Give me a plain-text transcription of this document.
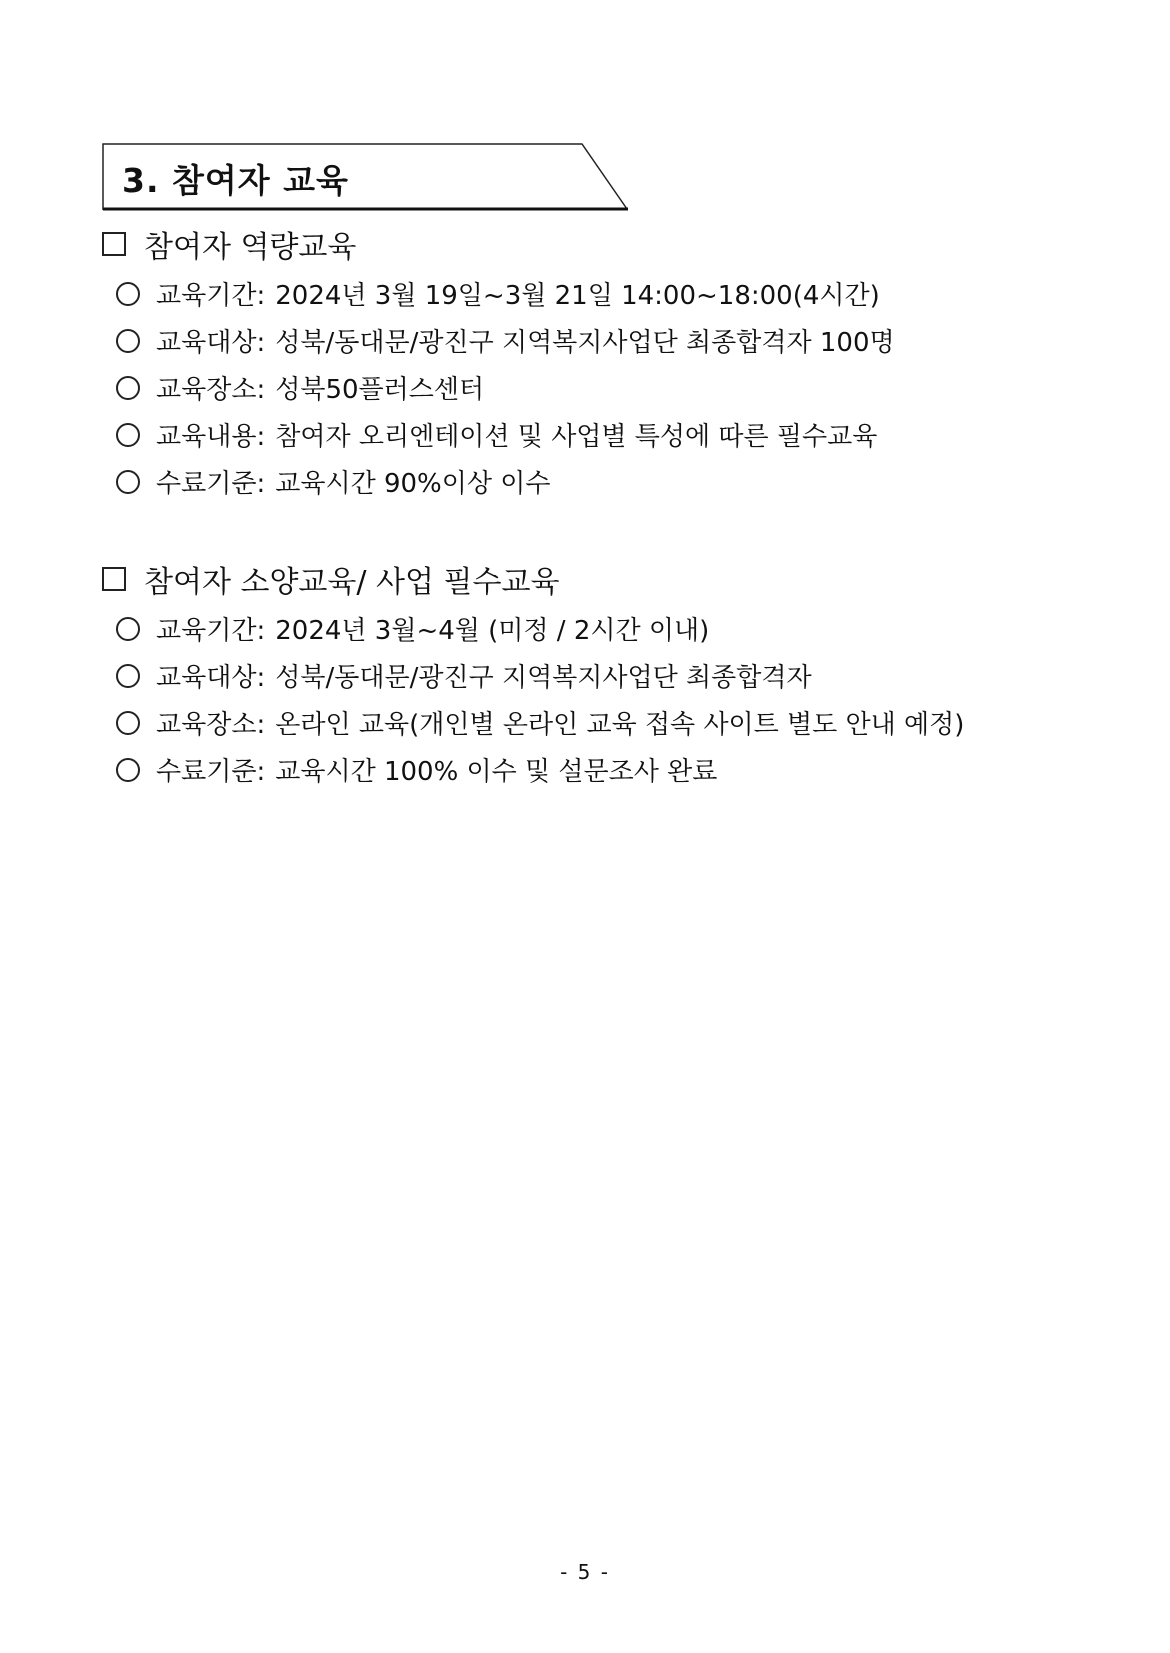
3. 참여자 교육
참여자 역량교육
교육기간: 2024년 3월 19일~3월 21일 14:00~18:00(4시간)
교육대상: 성북/동대문/광진구 지역복지사업단 최종합격자 100명
교육장소: 성북50플러스센터
교육내용: 참여자 오리엔테이션 및 사업별 특성에 따른 필수교육
수료기준: 교육시간 90%이상 이수
참여자 소양교육/ 사업 필수교육
교육기간: 2024년 3월~4월 (미정 / 2시간 이내)
교육대상: 성북/동대문/광진구 지역복지사업단 최종합격자
교육장소: 온라인 교육(개인별 온라인 교육 접속 사이트 별도 안내 예정)
수료기준: 교육시간 100% 이수 및 설문조사 완료
- 5 -
